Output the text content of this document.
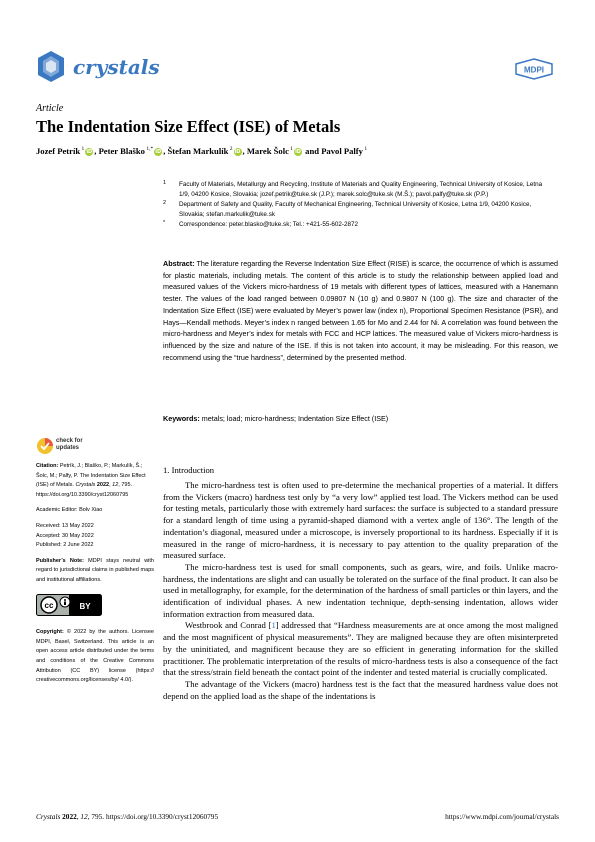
crystals	MDPI
Article
The Indentation Size Effect (ISE) of Metals
Jozef Petrík $^1$ iD , Peter Blaško $^{1,*}$ iD , Štefan Markulík $^2$ iD , Marek Šolc $^1$ iD and Pavol Palfy $^1$
1 Faculty of Materials, Metallurgy and Recycling, Institute of Materials and Quality Engineering, Technical University of Kosice, Letna 1/9, 04200 Kosice, Slovakia; jozef.petrik@tuke.sk (J.P.); marek.solc@tuke.sk (M.Š.); pavol.palfy@tuke.sk (P.P.)
2 Department of Safety and Quality, Faculty of Mechanical Engineering, Technical University of Kosice, Letna 1/9, 04200 Kosice, Slovakia; stefan.markulik@tuke.sk
* Correspondence: peter.blasko@tuke.sk; Tel.: +421-55-602-2872
Abstract: The literature regarding the Reverse Indentation Size Effect (RISE) is scarce, the occurrence of which is assumed for plastic materials, including metals. The content of this article is to study the relationship between applied load and measured values of the Vickers micro-hardness of 19 metals with different types of lattices, measured with a Hanemann tester. The values of the load ranged between 0.09807 N (10 g) and 0.9807 N (100 g). The size and character of the Indentation Size Effect (ISE) were evaluated by Meyer’s power law (index n), Proportional Specimen Resistance (PSR), and Hays—Kendall methods. Meyer’s index n ranged between 1.65 for Mo and 2.44 for Ni. A correlation was found between the micro-hardness and Meyer’s index for metals with FCC and HCP lattices. The measured value of Vickers micro-hardness is influenced by the size and nature of the ISE. If this is not taken into account, it may be misleading. For this reason, we recommend using the “true hardness”, determined by the presented method.
Keywords: metals; load; micro-hardness; Indentation Size Effect (ISE)
check for
updates
Citation: Petrík, J.; Blaško, P.; Markulík, Š.; Šolc, M.; Palfy, P. The Indentation Size Effect (ISE) of Metals. Crystals 2022, 12, 795. https://doi.org/10.3390/cryst12060795
Academic Editor: Bolv Xiao
Received: 13 May 2022
Accepted: 30 May 2022
Published: 2 June 2022
Publisher’s Note: MDPI stays neutral with regard to jurisdictional claims in published maps and institutional affiliations.
cc	BY
Copyright: © 2022 by the authors. Licensee MDPI, Basel, Switzerland. This article is an open access article distributed under the terms and conditions of the Creative Commons Attribution (CC BY) license (https:// creativecommons.org/licenses/by/ 4.0/).
1. Introduction

The micro-hardness test is often used to pre-determine the mechanical properties of a material. It differs from the Vickers (macro) hardness test only by “a very low” applied test load. The Vickers method can be used for testing metals, particularly those with extremely hard surfaces: the surface is subjected to a standard pressure for a standard length of time using a pyramid-shaped diamond with a vertex angle of 136°. The length of the indentation’s diagonal, measured under a microscope, is inversely proportional to its hardness. Especially if it is measured in the range of micro-hardness, it is necessary to pay attention to the quality preparation of the measured surface.

The micro-hardness test is used for small components, such as gears, wire, and foils. Unlike macro-hardness, the indentations are slight and can usually be tolerated on the surface of the final product. It can also be used in metallography, for example, for the determination of the hardness of small particles or thin layers, and the identification of individual phases. A new indentation technique, depth-sensing indentation, allows wider information extraction from measured data.

Westbrook and Conrad [1] addressed that “Hardness measurements are at once among the most maligned and the most magnificent of physical measurements”. They are maligned because they are often misinterpreted by the uninitiated, and magnificent because they are so efficient in generating information for the skilled practitioner. The problematic interpretation of the results of micro-hardness tests is also a consequence of the fact that the stress/strain field beneath the contact point of the indenter and tested material is crucially complicated.

The advantage of the Vickers (macro) hardness test is the fact that the measured hardness value does not depend on the applied load as the shape of the indentations is

Crystals 2022, 12, 795. https://doi.org/10.3390/cryst12060795	https://www.mdpi.com/journal/crystals
